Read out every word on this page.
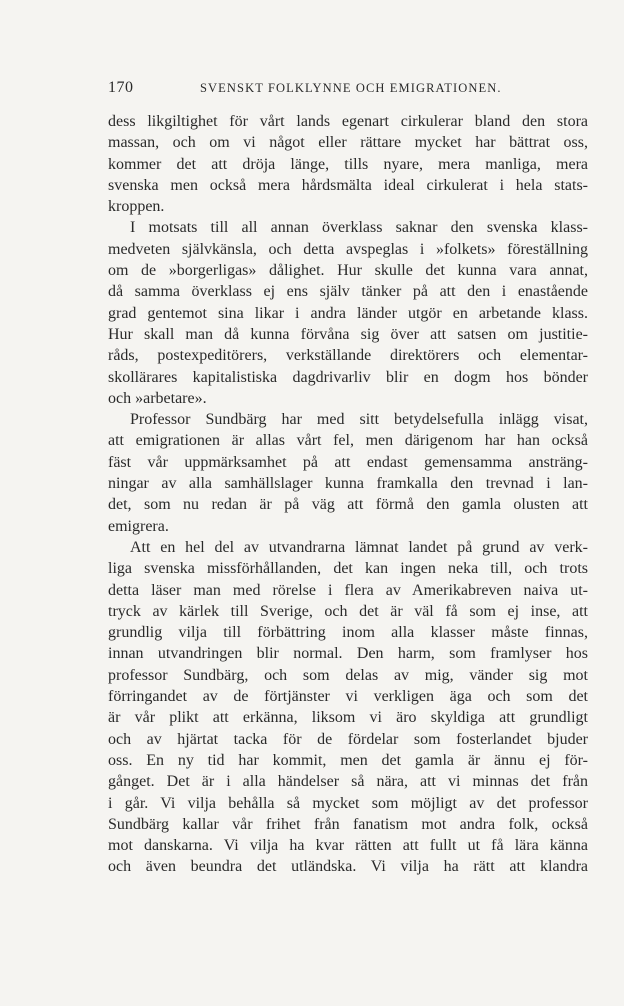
170	SVENSKT FOLKLYNNE OCH EMIGRATIONEN.
dess likgiltighet för vårt lands egenart cirkulerar bland den stora
massan, och om vi något eller rättare mycket har bättrat oss,
kommer det att dröja länge, tills nyare, mera manliga, mera
svenska men också mera hårdsmälta ideal cirkulerat i hela stats-
kroppen.
I motsats till all annan överklass saknar den svenska klass-
medveten självkänsla, och detta avspeglas i »folkets» föreställning
om de »borgerligas» dålighet. Hur skulle det kunna vara annat,
då samma överklass ej ens själv tänker på att den i enastående
grad gentemot sina likar i andra länder utgör en arbetande klass.
Hur skall man då kunna förvåna sig över att satsen om justitie-
råds, postexpeditörers, verkställande direktörers och elementar-
skollärares kapitalistiska dagdrivarliv blir en dogm hos bönder
och »arbetare».
Professor Sundbärg har med sitt betydelsefulla inlägg visat,
att emigrationen är allas vårt fel, men därigenom har han också
fäst vår uppmärksamhet på att endast gemensamma ansträng-
ningar av alla samhällslager kunna framkalla den trevnad i lan-
det, som nu redan är på väg att förmå den gamla olusten att
emigrera.
Att en hel del av utvandrarna lämnat landet på grund av verk-
liga svenska missförhållanden, det kan ingen neka till, och trots
detta läser man med rörelse i flera av Amerikabreven naiva ut-
tryck av kärlek till Sverige, och det är väl få som ej inse, att
grundlig vilja till förbättring inom alla klasser måste finnas,
innan utvandringen blir normal. Den harm, som framlyser hos
professor Sundbärg, och som delas av mig, vänder sig mot
förringandet av de förtjänster vi verkligen äga och som det
är vår plikt att erkänna, liksom vi äro skyldiga att grundligt
och av hjärtat tacka för de fördelar som fosterlandet bjuder
oss. En ny tid har kommit, men det gamla är ännu ej för-
gånget. Det är i alla händelser så nära, att vi minnas det från
i går. Vi vilja behålla så mycket som möjligt av det professor
Sundbärg kallar vår frihet från fanatism mot andra folk, också
mot danskarna. Vi vilja ha kvar rätten att fullt ut få lära känna
och även beundra det utländska. Vi vilja ha rätt att klandra
